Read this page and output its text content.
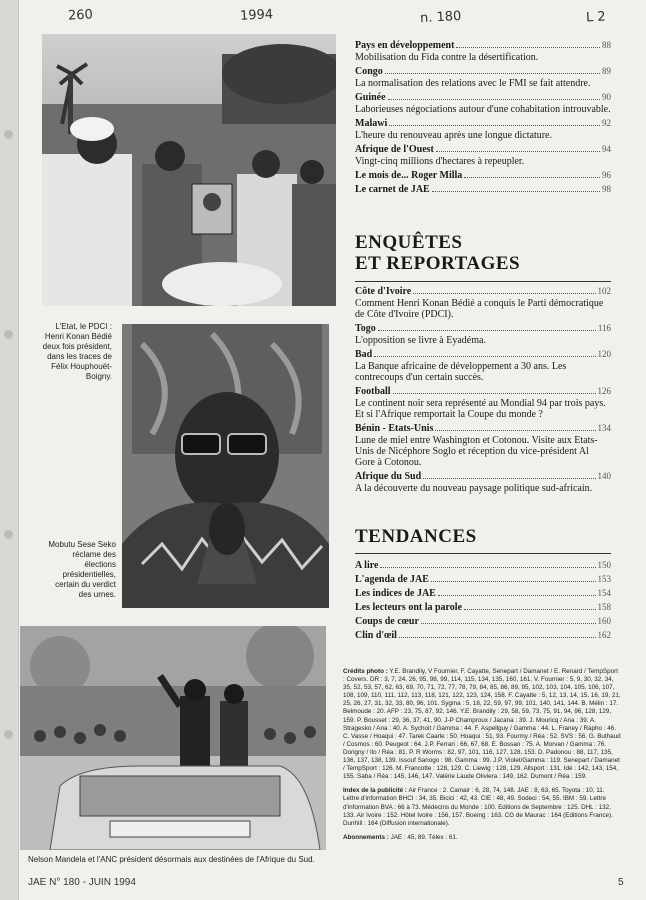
260	1994	n. 180	L 2
L'Etat, le PDCI : Henri Konan Bédié deux fois président, dans les traces de Félix Houphouët-Boigny.
Mobutu Sese Seko réclame des élections présidentielles, certain du verdict des urnes.
Nelson Mandela et l'ANC président désormais aux destinées de l'Afrique du Sud.
Pays en développement	88
Mobilisation du Fida contre la désertification.
Congo	89
La normalisation des relations avec le FMI se fait attendre.
Guinée	90
Laborieuses négociations autour d'une cohabitation introuvable.
Malawi	92
L'heure du renouveau après une longue dictature.
Afrique de l'Ouest	94
Vingt-cinq millions d'hectares à repeupler.
Le mois de... Roger Milla	96
Le carnet de JAE	98
ENQUÊTES
ET REPORTAGES
Côte d'Ivoire	102
Comment Henri Konan Bédié a conquis le Parti démocratique de Côte d'Ivoire (PDCI).
Togo	116
L'opposition se livre à Eyadéma.
Bad	120
La Banque africaine de développement a 30 ans. Les contrecoups d'un certain succès.
Football	126
Le continent noir sera représenté au Mondial 94 par trois pays. Et si l'Afrique remportait la Coupe du monde ?
Bénin - Etats-Unis	134
Lune de miel entre Washington et Cotonou. Visite aux Etats-Unis de Nicéphore Soglo et réception du vice-président Al Gore à Cotonou.
Afrique du Sud	140
A la découverte du nouveau paysage politique sud-africain.
TENDANCES
A lire	150
L'agenda de JAE	153
Les indices de JAE	154
Les lecteurs ont la parole	158
Coups de cœur	160
Clin d'œil	162
Crédits photo : Y.E. Brandily, V Fournier, F. Cayatte, Senepart / Damanet / E. Renard / TempSport : Covers. DR : 3, 7, 24, 26, 95, 98, 99, 114, 115, 134, 135, 160, 161. V. Fournier : 5, 9, 30, 32, 34, 35, 52, 53, 57, 62, 63, 69, 70, 71, 72, 77, 78, 79, 84, 85, 86, 89, 95, 102, 103, 104, 105, 106, 107, 108, 109, 110, 111, 112, 113, 118, 121, 122, 123, 124, 158. F. Cayatte : 5, 12, 13, 14, 15, 16, 19, 21, 25, 26, 27, 31, 32, 33, 80, 96, 101. Sygma : 5, 18, 22, 59, 97, 99, 101, 140, 141, 144. B. Mélin : 17. Belmoude : 20. AFP : 23, 75, 87, 92, 146. Y.E. Brandily : 29, 58, 59, 73, 75, 91, 94, 96, 128, 129, 159. P. Bousset : 29, 36, 37, 41, 90. J-P Champroux / Jacana : 39. J. Mouricq / Ana : 39. A. Stragesko / Ana : 40. A. Sychoit / Gamma : 44. F. Aspellguy / Gamma : 44. L. Franey / Rapho : 46. C. Vasse / Hoaqui : 47. Tarek Caarle : 50. Hoaqui : 51, 93. Fourmy / Réa : 52. SVS : 56. G. Buthaud / Cosmos : 60. Peugeot : 64. J.P. Ferrari : 66, 67, 68. E. Bossan : 75. A. Morvan / Gamma : 76. Dorigny / Ilo / Réa : 81. P. R Worms : 82, 97, 101, 116, 127, 128, 153. D. Padonou : 88, 117, 135, 136, 137, 138, 139. Issouf Sanogo : 98. Gamma : 99. J.P. Violet/Gamma : 119. Senepart / Damanet / TempSport : 126. M. Francotte : 128, 129. C. Liewig : 128, 129. Allsport : 131. Idé : 142, 143, 154, 155. Saba / Réa : 145, 146, 147. Valérie Laude Oliviera : 149, 162. Dumont / Réa : 159.
Index de la publicité : Air France : 2. Camair : 6, 28, 74, 148. JAE : 8, 63, 65. Toyota : 10, 11. Lettre d'information BHCI : 34, 35. Bicici : 42, 43. CIE : 48, 49. Sodeci : 54, 55. IBM : 59. Lettre d'information BVA : 66 à 73. Médecins du Monde : 100. Editions de Septembre : 125. DHL : 132, 133. Air Ivoire : 152. Hôtel Ivoire : 156, 157. Boeing : 163. CG de Maurac : 164 (Editions France). Dunhill : 164 (Diffusion internationale).
Abonnements : JAE : 45, 89. Télex : 61.
JAE N° 180 - JUIN 1994	5
